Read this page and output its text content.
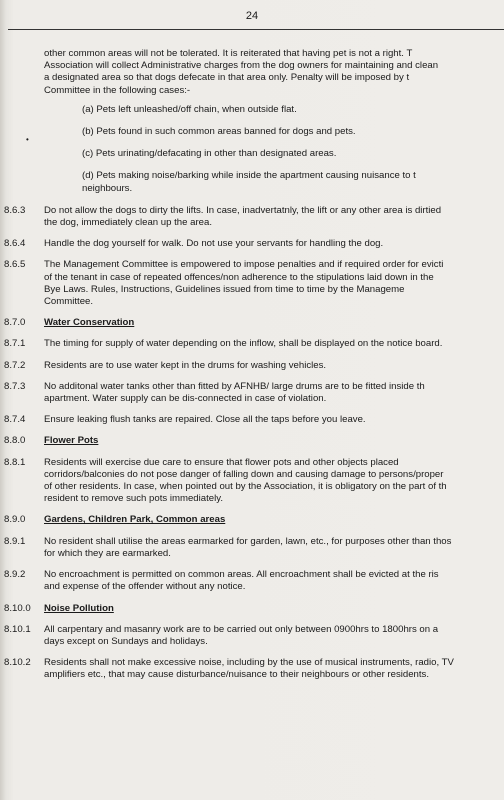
24
•
other common areas will not be tolerated. It is reiterated that having pet is not a right. T
Association will collect Administrative charges from the dog owners for maintaining and clean
a designated area so that dogs defecate in that area only. Penalty will be imposed by t
Committee in the following cases:-
(a) Pets left unleashed/off chain, when outside flat.
(b) Pets found in such common areas banned for dogs and pets.
(c) Pets urinating/defacating in other than designated areas.
(d) Pets making noise/barking while inside the apartment causing nuisance to t
neighbours.
8.6.3	Do not allow the dogs to dirty the lifts. In case, inadvertatnly, the lift or any other area is dirtied
the dog, immediately clean up the area.
8.6.4	Handle the dog yourself for walk. Do not use your servants for handling the dog.
8.6.5	The Management Committee is empowered to impose penalties and if required order for evicti
of the tenant in case of repeated offences/non adherence to the stipulations laid down in the
Bye Laws. Rules, Instructions, Guidelines issued from time to time by the Manageme
Committee.
8.7.0	Water Conservation
8.7.1	The timing for supply of water depending on the inflow, shall be displayed on the notice board.
8.7.2	Residents are to use water kept in the drums for washing vehicles.
8.7.3	No additonal water tanks other than fitted by AFNHB/ large drums are to be fitted inside th
apartment. Water supply can be dis-connected in case of violation.
8.7.4	Ensure leaking flush tanks are repaired. Close all the taps before you leave.
8.8.0	Flower Pots
8.8.1	Residents will exercise due care to ensure that flower pots and other objects placed
corridors/balconies do not pose danger of falling down and causing damage to persons/proper
of other residents. In case, when pointed out by the Association, it is obligatory on the part of th
resident to remove such pots immediately.
8.9.0	Gardens, Children Park, Common areas
8.9.1	No resident shall utilise the areas earmarked for garden, lawn, etc., for purposes other than thos
for which they are earmarked.
8.9.2	No encroachment is permitted on common areas. All encroachment shall be evicted at the ris
and expense of the offender without any notice.
8.10.0	Noise Pollution
8.10.1	All carpentary and masanry work are to be carried out only between 0900hrs to 1800hrs on a
days except on Sundays and holidays.
8.10.2	Residents shall not make excessive noise, including by the use of musical instruments, radio, TV
amplifiers etc., that may cause disturbance/nuisance to their neighbours or other residents.
